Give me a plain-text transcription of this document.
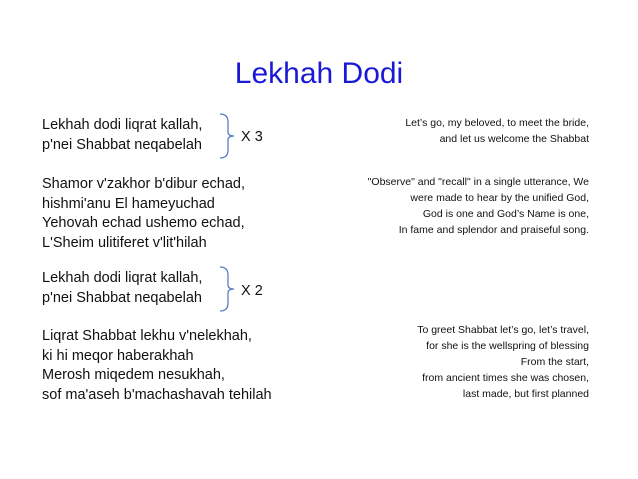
Lekhah Dodi
Lekhah dodi liqrat kallah,
p'nei Shabbat neqabelah
Shamor v'zakhor b'dibur echad,
hishmi'anu El hameyuchad
Yehovah echad ushemo echad,
L'Sheim ulitiferet v'lit'hilah
Lekhah dodi liqrat kallah,
p'nei Shabbat neqabelah
Liqrat Shabbat lekhu v'nelekhah,
ki hi meqor haberakhah
Merosh miqedem nesukhah,
sof ma'aseh b'machashavah tehilah
X 3
X 2
Let’s go, my beloved, to meet the bride,
and let us welcome the Shabbat
"Observe" and "recall" in a single utterance, We
were made to hear by the unified God,
God is one and God’s Name is one,
In fame and splendor and praiseful song.
To greet Shabbat let’s go, let’s travel,
for she is the wellspring of blessing
From the start,
from ancient times she was chosen,
last made, but first planned
